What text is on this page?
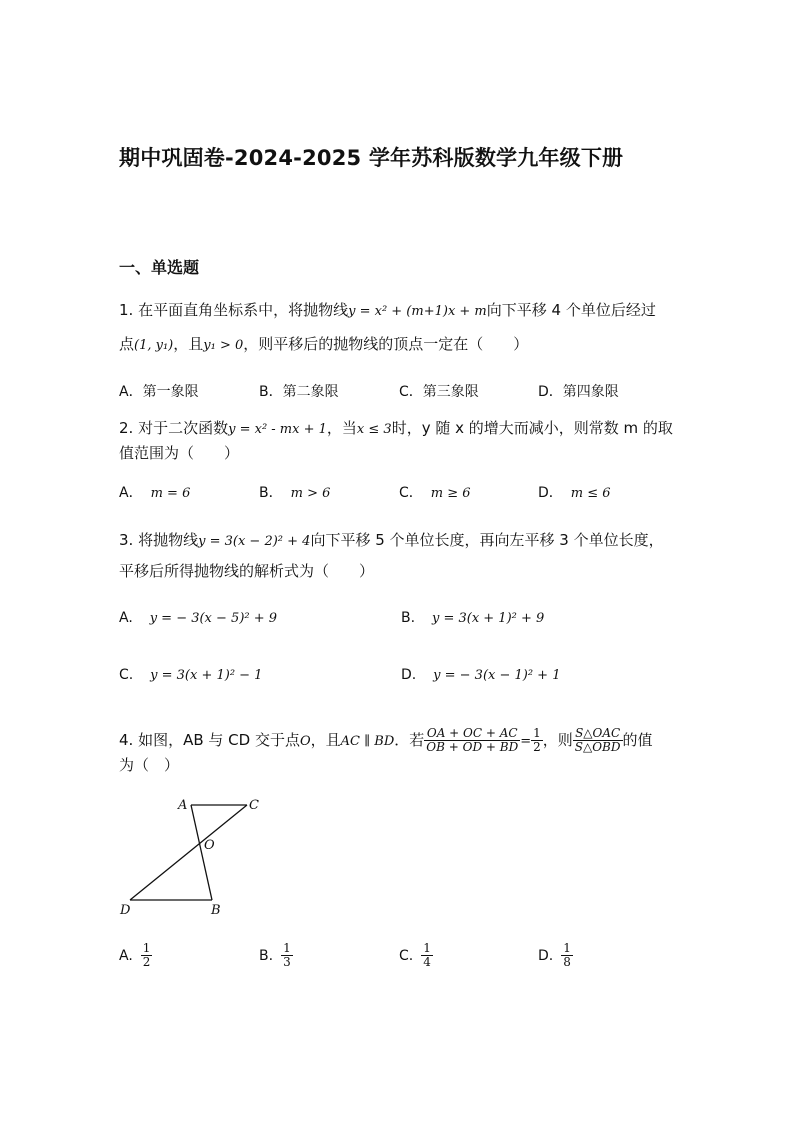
期中巩固卷-2024-2025 学年苏科版数学九年级下册
一、单选题
1. 在平面直角坐标系中，将抛物线y = x² + (m+1)x + m向下平移 4 个单位后经过
点(1, y₁)，且y₁ > 0，则平移后的抛物线的顶点一定在（　　）
A．第一象限	B．第二象限	C．第三象限	D．第四象限
2. 对于二次函数y = x² - mx + 1，当x ≤ 3时，y 随 x 的增大而减小，则常数 m 的取
值范围为（　　）
A． m = 6	B． m > 6	C． m ≥ 6	D． m ≤ 6
3. 将抛物线y = 3(x − 2)² + 4向下平移 5 个单位长度，再向左平移 3 个单位长度，
平移后所得抛物线的解析式为（　　）
A. y = − 3(x − 5)² + 9	B. y = 3(x + 1)² + 9
C. y = 3(x + 1)² − 1	D. y = − 3(x − 1)² + 1
4. 如图，AB 与 CD 交于点O，且AC ∥ BD．若 $\frac{OA + OC + AC}{OB + OD + BD} = \frac{1}{2}$ ，则 $\frac{\text{S△OAC}}{\text{S△OBD}}$ 的值
为（　）
A	C
O
D	B
A. $\frac{1}{2}$	B. $\frac{1}{3}$	C. $\frac{1}{4}$	D. $\frac{1}{8}$
